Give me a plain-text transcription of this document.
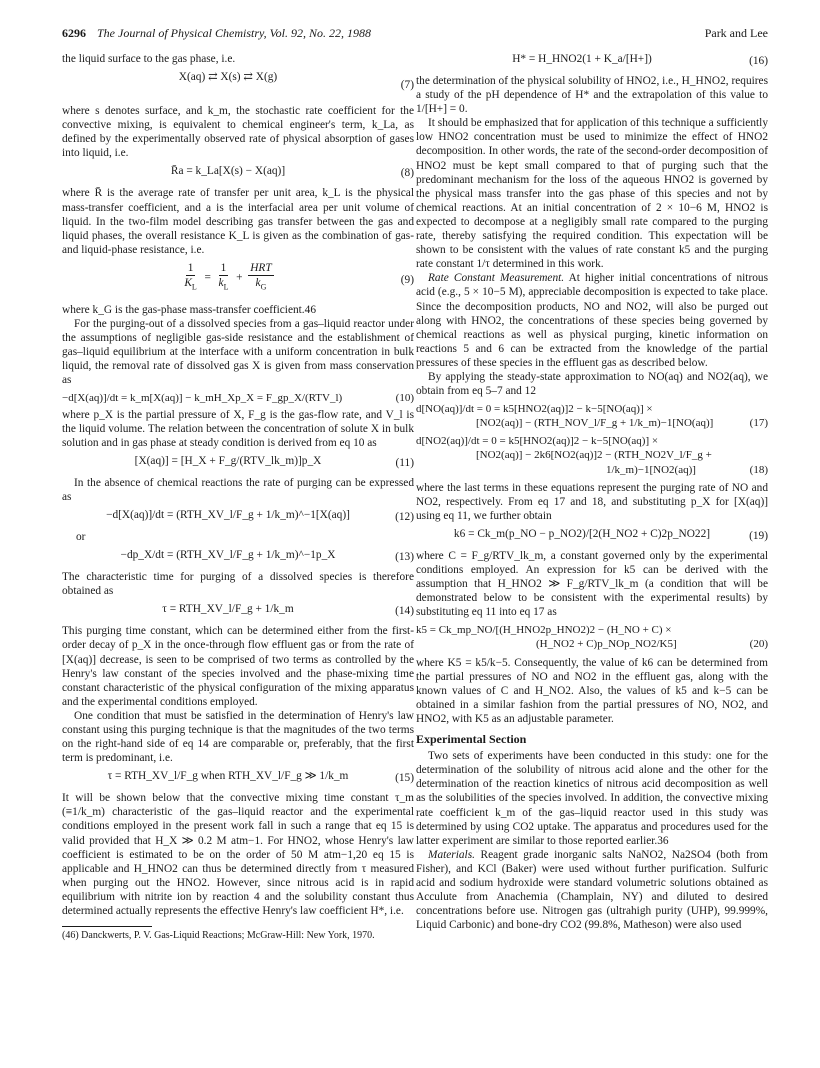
6296 The Journal of Physical Chemistry, Vol. 92, No. 22, 1988	Park and Lee

the liquid surface to the gas phase, i.e.

X(aq) ⇄ X(s) ⇄ X(g)
(7)

where s denotes surface, and k_m, the stochastic rate coefficient for the convective mixing, is equivalent to chemical engineer's term, k_La, as defined by the experimentally observed rate of physical absorption of gases into liquid, i.e.

R̄a = k_La[X(s) − X(aq)]	(8)

where R̄ is the average rate of transfer per unit area, k_L is the physical mass-transfer coefficient, and a is the interfacial area per unit volume of liquid. In the two-film model describing gas transfer between the gas and liquid phases, the overall resistance K_L is given as the combination of gas- and liquid-phase resistance, i.e.

$\frac{1}{K_L} = \frac{1}{k_L} + \frac{\text{HRT}}{k_G}$	(9)

where k_G is the gas-phase mass-transfer coefficient.46

For the purging-out of a dissolved species from a gas–liquid reactor under the assumptions of negligible gas-side resistance and the establishment of gas–liquid equilibrium at the interface with a uniform concentration in bulk liquid, the removal rate of dissolved gas X is given from mass conservation as

−d[X(aq)]/dt = k_m[X(aq)] − k_mH_Xp_X = F_gp_X/(RTV_l)	(10)

where p_X is the partial pressure of X, F_g is the gas-flow rate, and V_l is the liquid volume. The relation between the concentration of solute X in bulk solution and in gas phase at steady condition is derived from eq 10 as

[X(aq)] = [H_X + F_g/(RTV_lk_m)]p_X	(11)

In the absence of chemical reactions the rate of purging can be expressed as

−d[X(aq)]/dt = (RTH_XV_l/F_g + 1/k_m)^−1[X(aq)]	(12)

or

−dp_X/dt = (RTH_XV_l/F_g + 1/k_m)^−1p_X	(13)

The characteristic time for purging of a dissolved species is therefore obtained as

τ = RTH_XV_l/F_g + 1/k_m	(14)

This purging time constant, which can be determined either from the first-order decay of p_X in the once-through flow effluent gas or from the rate of [X(aq)] decrease, is seen to be comprised of two terms as controlled by the Henry's law constant of the species involved and the phase-mixing time constant characteristic of the physical configuration of the mixing apparatus and the experimental conditions employed.

One condition that must be satisfied in the determination of Henry's law constant using this purging technique is that the magnitudes of the two terms on the right-hand side of eq 14 are comparable or, preferably, that the first term is predominant, i.e.

τ = RTH_XV_l/F_g when RTH_XV_l/F_g ≫ 1/k_m	(15)

It will be shown below that the convective mixing time constant τ_m (≡1/k_m) characteristic of the gas–liquid reactor and the experimental conditions employed in the present work fall in such a range that eq 15 is valid provided that H_X ≫ 0.2 M atm−1. For HNO2, whose Henry's law coefficient is estimated to be on the order of 50 M atm−1,20 eq 15 is applicable and H_HNO2 can thus be determined directly from τ measured when purging out the HNO2. However, since nitrous acid is in rapid equilibrium with nitrite ion by reaction 4 and the solubility constant thus determined actually represents the effective Henry's law coefficient H*, i.e.

(46) Danckwerts, P. V. Gas-Liquid Reactions; McGraw-Hill: New York, 1970.

H* = H_HNO2(1 + K_a/[H+])	(16)

the determination of the physical solubility of HNO2, i.e., H_HNO2, requires a study of the pH dependence of H* and the extrapolation of this value to 1/[H+] = 0.

It should be emphasized that for application of this technique a sufficiently low HNO2 concentration must be used to minimize the effect of HNO2 decomposition. In other words, the rate of the second-order decomposition of HNO2 must be kept small compared to that of purging such that the predominant mechanism for the loss of the aqueous HNO2 is governed by the physical mass transfer into the gas phase of this species and not by chemical reactions. At an initial concentration of 2 × 10−6 M, HNO2 is expected to decompose at a negligibly small rate compared to the purging rate, thereby satisfying the required condition. This expectation will be shown to be consistent with the values of rate constant k5 and the purging rate constant 1/τ determined in this work.

Rate Constant Measurement. At higher initial concentrations of nitrous acid (e.g., 5 × 10−5 M), appreciable decomposition is expected to take place. Since the decomposition products, NO and NO2, will also be purged out along with HNO2, the concentrations of these species being governed by chemical reactions as well as physical purging, kinetic information on reactions 5 and 6 can be extracted from the knowledge of the partial pressures of these species in the effluent gas as described below.

By applying the steady-state approximation to NO(aq) and NO2(aq), we obtain from eq 5–7 and 12

d[NO(aq)]/dt = 0 = k5[HNO2(aq)]2 − k−5[NO(aq)] ×
[NO2(aq)] − (RTH_NOV_l/F_g + 1/k_m)−1[NO(aq)]	(17)
d[NO2(aq)]/dt = 0 = k5[HNO2(aq)]2 − k−5[NO(aq)] ×
[NO2(aq)] − 2k6[NO2(aq)]2 − (RTH_NO2V_l/F_g +
1/k_m)−1[NO2(aq)]	(18)

where the last terms in these equations represent the purging rate of NO and NO2, respectively. From eq 17 and 18, and substituting p_X for [X(aq)] using eq 11, we further obtain

k6 = Ck_m(p_NO − p_NO2)/[2(H_NO2 + C)2p_NO22]	(19)

where C = F_g/RTV_lk_m, a constant governed only by the experimental conditions employed. An expression for k5 can be derived with the assumption that H_HNO2 ≫ F_g/RTV_lk_m (a condition that will be demonstrated below to be consistent with the experimental results) by substituting eq 11 into eq 17 as

k5 = Ck_mp_NO/[(H_HNO2p_HNO2)2 − (H_NO + C) ×
(H_NO2 + C)p_NOp_NO2/K5]	(20)

where K5 = k5/k−5. Consequently, the value of k6 can be determined from the partial pressures of NO and NO2 in the effluent gas, along with the known values of C and H_NO2. Also, the values of k5 and k−5 can be obtained in a similar fashion from the partial pressures of NO, NO2, and HNO2, with K5 as an adjustable parameter.

Experimental Section

Two sets of experiments have been conducted in this study: one for the determination of the solubility of nitrous acid alone and the other for the determination of the reaction kinetics of nitrous acid decomposition as well as the solubilities of the species involved. In addition, the convective mixing rate coefficient k_m of the gas–liquid reactor used in this study was determined by using CO2 uptake. The apparatus and procedures used for the latter experiment are similar to those reported earlier.36

Materials. Reagent grade inorganic salts NaNO2, Na2SO4 (both from Fisher), and KCl (Baker) were used without further purification. Sulfuric acid and sodium hydroxide were standard volumetric solutions obtained as Acculute from Anachemia (Champlain, NY) and diluted to desired concentrations before use. Nitrogen gas (ultrahigh purity (UHP), 99.999%, Liquid Carbonic) and bone-dry CO2 (99.8%, Matheson) were also used
